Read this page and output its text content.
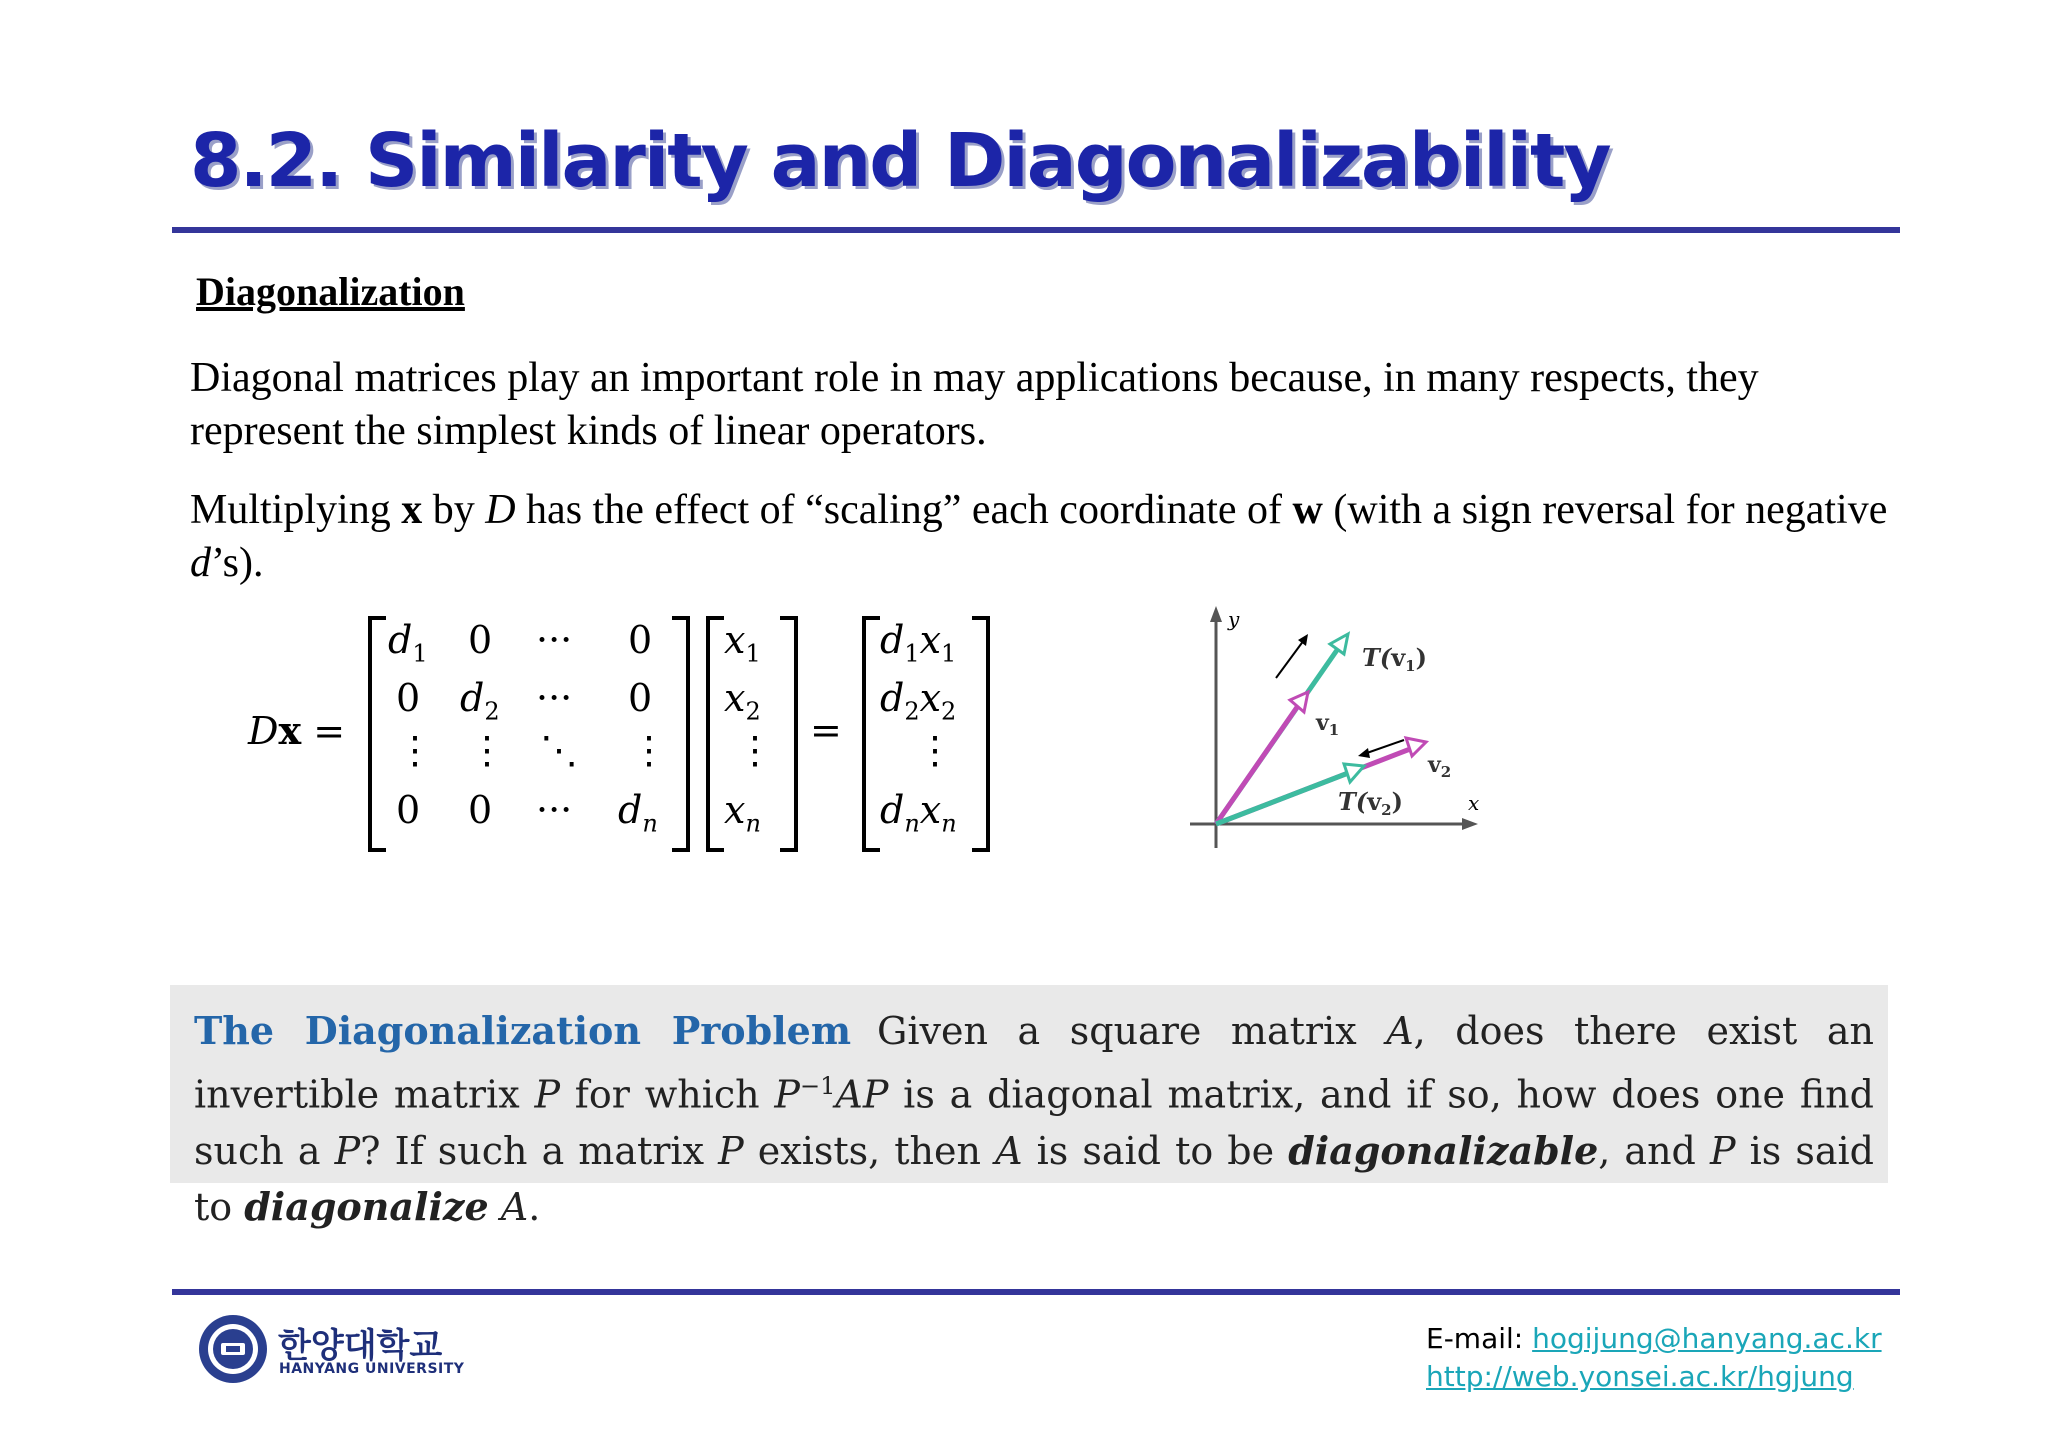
8.2. Similarity and Diagonalizability
Diagonalization
Diagonal matrices play an important role in may applications because, in many respects, they represent the simplest kinds of linear operators.
Multiplying x by D has the effect of “scaling” each coordinate of w (with a sign reversal for negative d’s).
Dx =
$d_1$ 0 ··· 0
0 $d_2$ ··· 0
⋮ ⋮ ⋱ ⋮
0 0 ··· $d_n$
$x_1$
$x_2$
⋮
$x_n$
=
$d_1x_1$
$d_2x_2$
⋮
$d_nx_n$
y
x
$T(v_1)$
$v_1$
$v_2$
$T(v_2)$
The Diagonalization Problem Given a square matrix A, does there exist an invertible matrix P for which $P^{-1}AP$ is a diagonal matrix, and if so, how does one find such a P? If such a matrix P exists, then A is said to be diagonalizable, and P is said to diagonalize A.
한양대학교
HANYANG UNIVERSITY
E-mail: hogijung@hanyang.ac.kr
http://web.yonsei.ac.kr/hgjung
